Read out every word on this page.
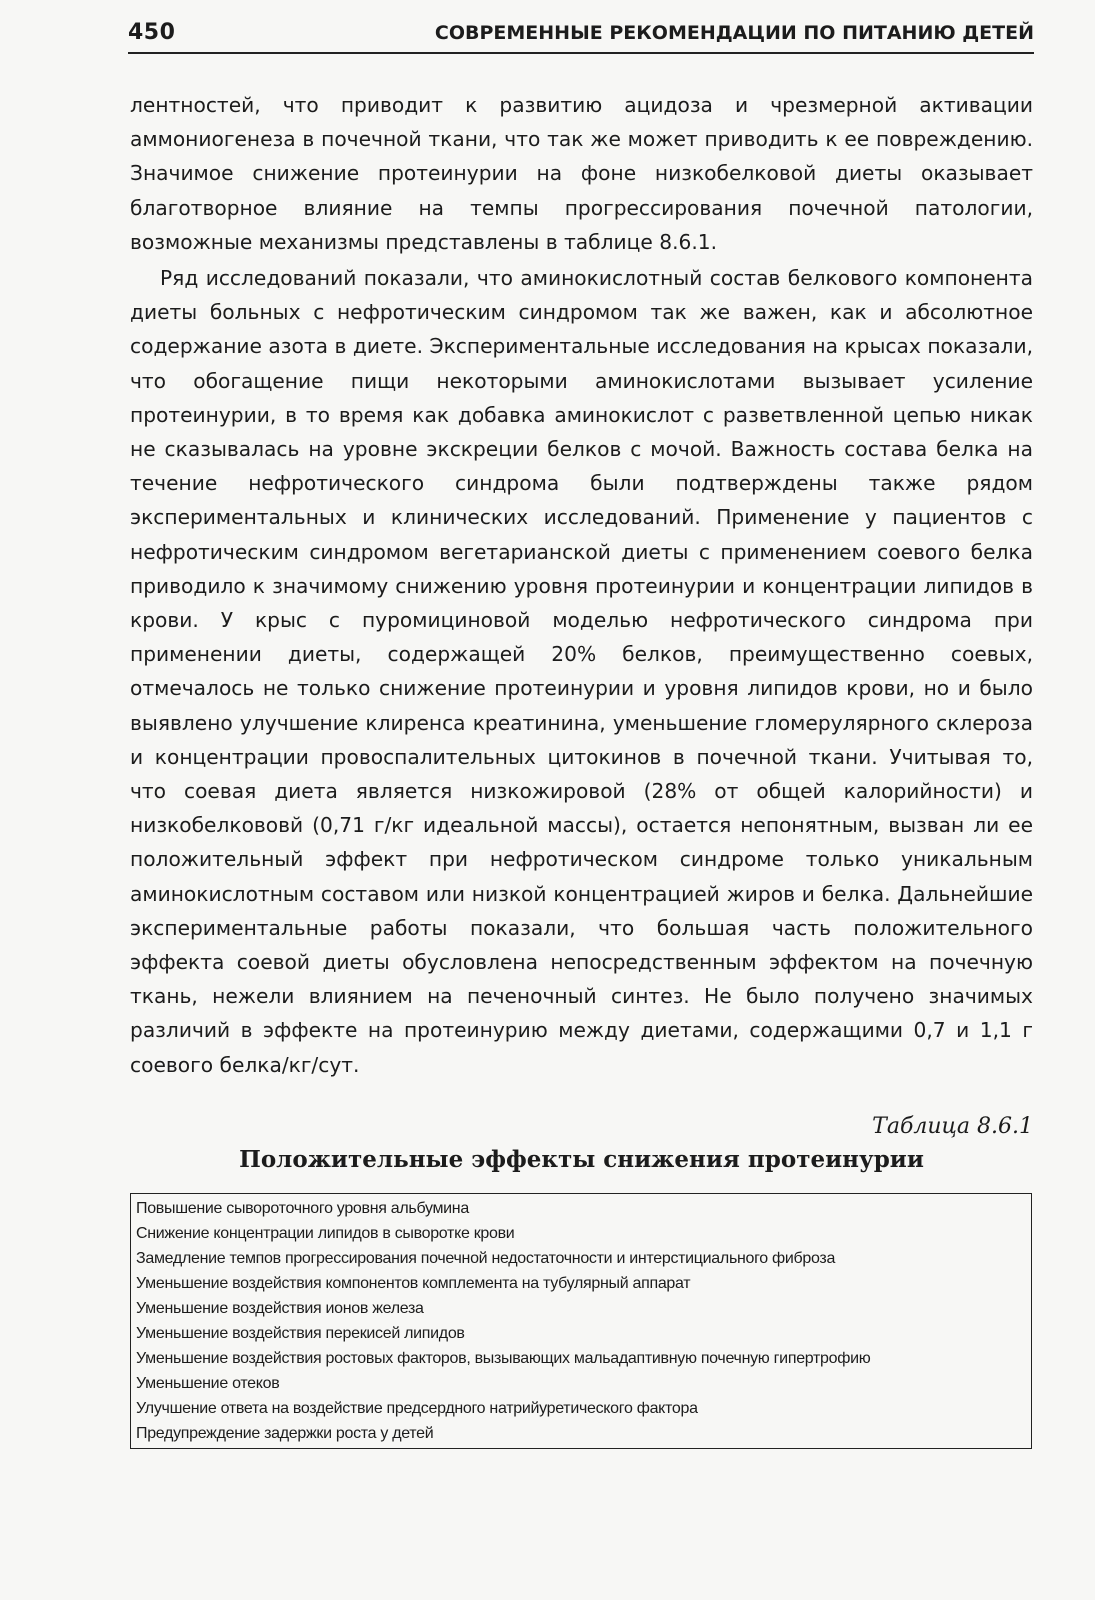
450	СОВРЕМЕННЫЕ РЕКОМЕНДАЦИИ ПО ПИТАНИЮ ДЕТЕЙ

лентностей, что приводит к развитию ацидоза и чрезмерной активации аммониогенеза в почечной ткани, что так же может приводить к ее повреждению. Значимое снижение протеинурии на фоне низкобелковой диеты оказывает благотворное влияние на темпы прогрессирования почечной патологии, возможные механизмы представлены в таблице 8.6.1.

Ряд исследований показали, что аминокислотный состав белкового компонента диеты больных с нефротическим синдромом так же важен, как и абсолютное содержание азота в диете. Экспериментальные исследования на крысах показали, что обогащение пищи некоторыми аминокислотами вызывает усиление протеинурии, в то время как добавка аминокислот с разветвленной цепью никак не сказывалась на уровне экскреции белков с мочой. Важность состава белка на течение нефротического синдрома были подтверждены также рядом экспериментальных и клинических исследований. Применение у пациентов с нефротическим синдромом вегетарианской диеты с применением соевого белка приводило к значимому снижению уровня протеинурии и концентрации липидов в крови. У крыс с пуромициновой моделью нефротического синдрома при применении диеты, содержащей 20% белков, преимущественно соевых, отмечалось не только снижение протеинурии и уровня липидов крови, но и было выявлено улучшение клиренса креатинина, уменьшение гломерулярного склероза и концентрации провоспалительных цитокинов в почечной ткани. Учитывая то, что соевая диета является низкожировой (28% от общей калорийности) и низкобелкововй (0,71 г/кг идеальной массы), остается непонятным, вызван ли ее положительный эффект при нефротическом синдроме только уникальным аминокислотным составом или низкой концентрацией жиров и белка. Дальнейшие экспериментальные работы показали, что большая часть положительного эффекта соевой диеты обусловлена непосредственным эффектом на почечную ткань, нежели влиянием на печеночный синтез. Не было получено значимых различий в эффекте на протеинурию между диетами, содержащими 0,7 и 1,1 г соевого белка/кг/сут.

Таблица 8.6.1
Положительные эффекты снижения протеинурии
Повышение сывороточного уровня альбумина
Снижение концентрации липидов в сыворотке крови
Замедление темпов прогрессирования почечной недостаточности и интерстициального фиброза
Уменьшение воздействия компонентов комплемента на тубулярный аппарат
Уменьшение воздействия ионов железа
Уменьшение воздействия перекисей липидов
Уменьшение воздействия ростовых факторов, вызывающих мальадаптивную почечную гипертрофию
Уменьшение отеков
Улучшение ответа на воздействие предсердного натрийуретического фактора
Предупреждение задержки роста у детей
